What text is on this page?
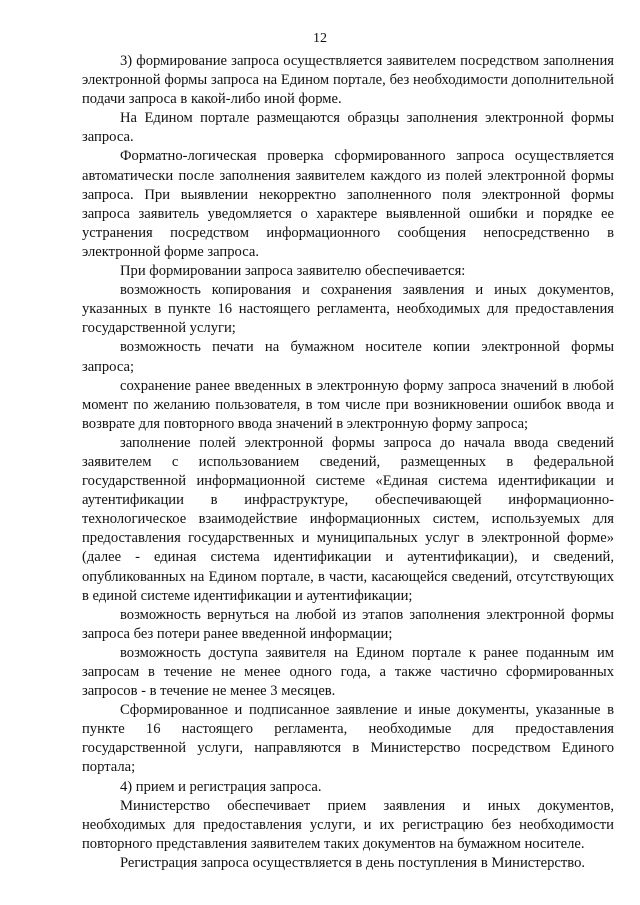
12

3) формирование запроса осуществляется заявителем посредством заполнения электронной формы запроса на Едином портале, без необходимости дополнительной подачи запроса в какой-либо иной форме.

На Едином портале размещаются образцы заполнения электронной формы запроса.

Форматно-логическая проверка сформированного запроса осуществляется автоматически после заполнения заявителем каждого из полей электронной формы запроса. При выявлении некорректно заполненного поля электронной формы запроса заявитель уведомляется о характере выявленной ошибки и порядке ее устранения посредством информационного сообщения непосредственно в электронной форме запроса.

При формировании запроса заявителю обеспечивается:

возможность копирования и сохранения заявления и иных документов, указанных в пункте 16 настоящего регламента, необходимых для предоставления государственной услуги;

возможность печати на бумажном носителе копии электронной формы запроса;

сохранение ранее введенных в электронную форму запроса значений в любой момент по желанию пользователя, в том числе при возникновении ошибок ввода и возврате для повторного ввода значений в электронную форму запроса;

заполнение полей электронной формы запроса до начала ввода сведений заявителем с использованием сведений, размещенных в федеральной государственной информационной системе «Единая система идентификации и аутентификации в инфраструктуре, обеспечивающей информационно-технологическое взаимодействие информационных систем, используемых для предоставления государственных и муниципальных услуг в электронной форме» (далее - единая система идентификации и аутентификации), и сведений, опубликованных на Едином портале, в части, касающейся сведений, отсутствующих в единой системе идентификации и аутентификации;

возможность вернуться на любой из этапов заполнения электронной формы запроса без потери ранее введенной информации;

возможность доступа заявителя на Едином портале к ранее поданным им запросам в течение не менее одного года, а также частично сформированных запросов - в течение не менее 3 месяцев.

Сформированное и подписанное заявление и иные документы, указанные в пункте 16 настоящего регламента, необходимые для предоставления государственной услуги, направляются в Министерство посредством Единого портала;

4) прием и регистрация запроса.

Министерство обеспечивает прием заявления и иных документов, необходимых для предоставления услуги, и их регистрацию без необходимости повторного представления заявителем таких документов на бумажном носителе.

Регистрация запроса осуществляется в день поступления в Министерство.
